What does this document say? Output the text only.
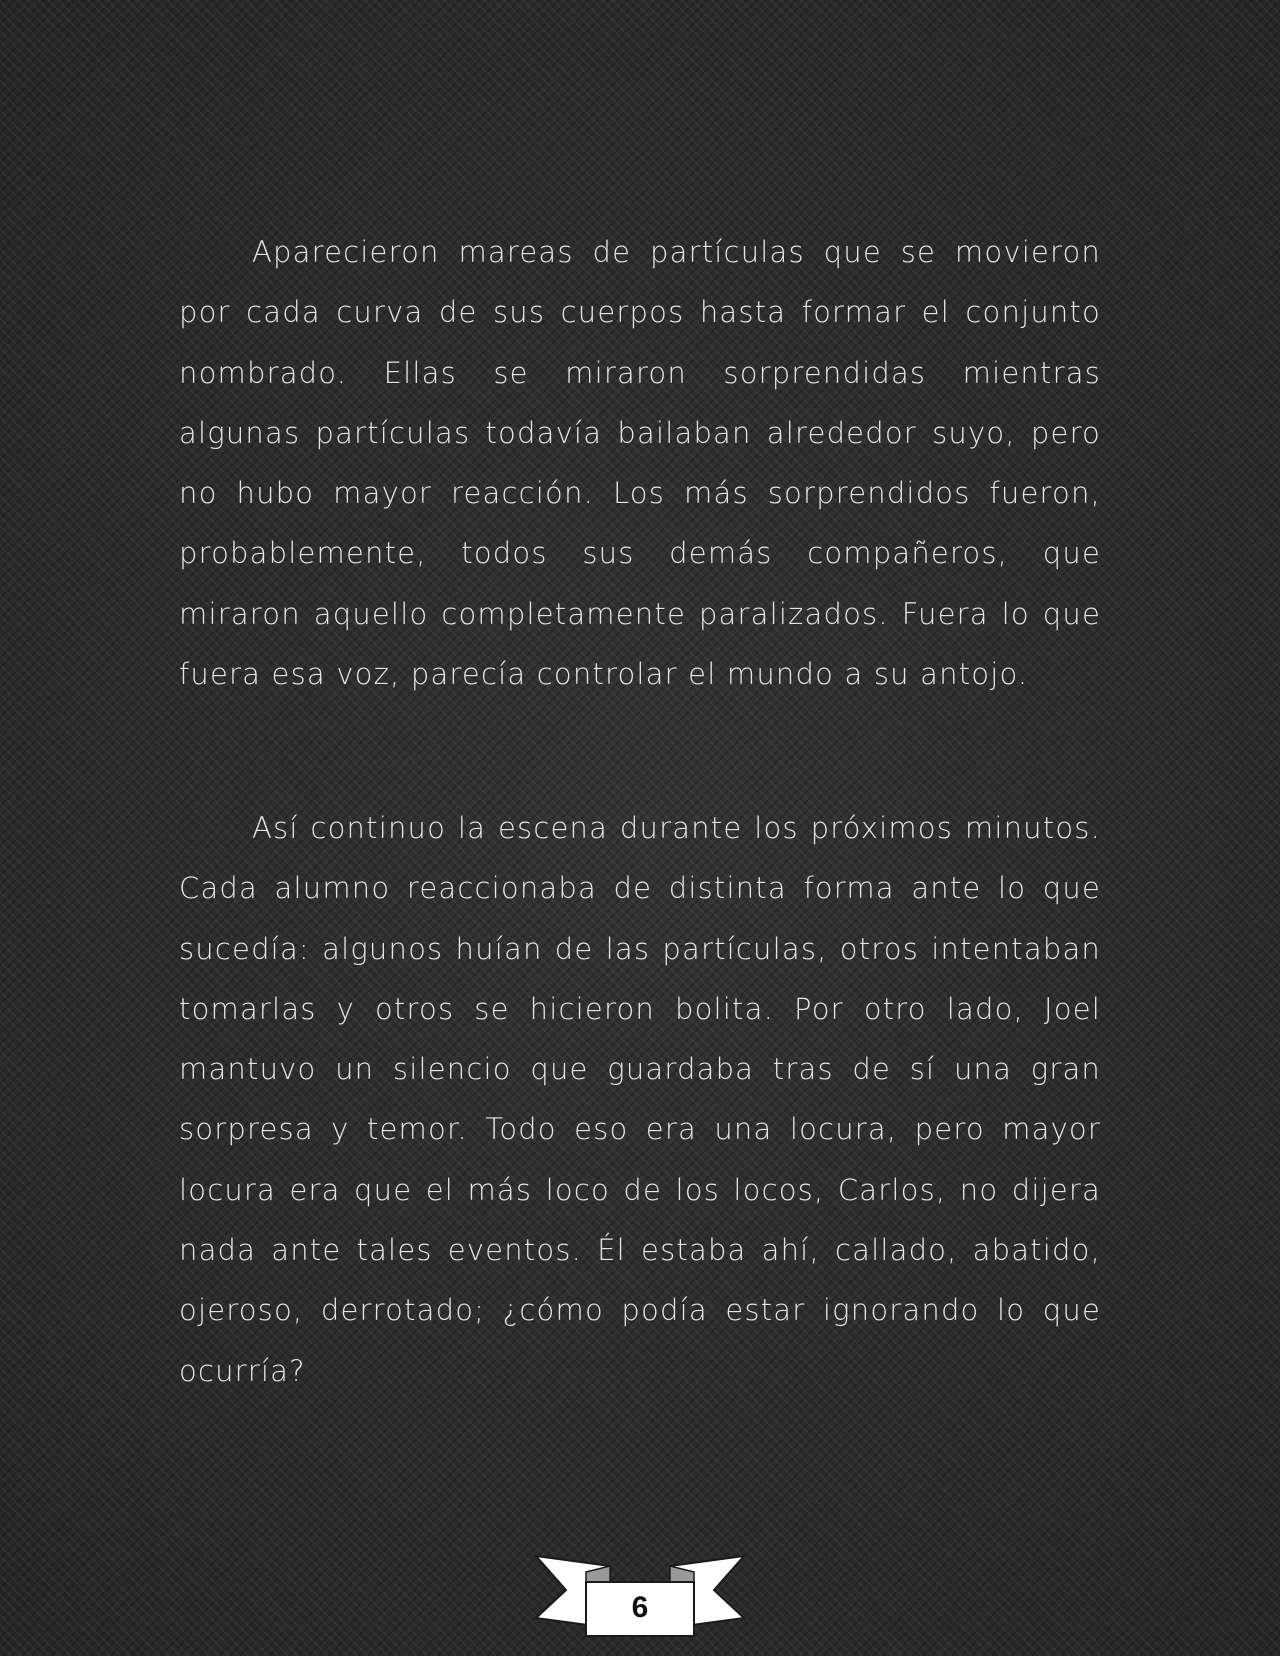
Aparecieron mareas de partículas que se movieron por cada curva de sus cuerpos hasta formar el conjunto nombrado. Ellas se miraron sorprendidas mientras algunas partículas todavía bailaban alrededor suyo, pero no hubo mayor reacción. Los más sorprendidos fueron, probablemente, todos sus demás compañeros, que miraron aquello completamente paralizados. Fuera lo que fuera esa voz, parecía controlar el mundo a su antojo.

Así continuo la escena durante los próximos minutos. Cada alumno reaccionaba de distinta forma ante lo que sucedía: algunos huían de las partículas, otros intentaban tomarlas y otros se hicieron bolita. Por otro lado, Joel mantuvo un silencio que guardaba tras de sí una gran sorpresa y temor. Todo eso era una locura, pero mayor locura era que el más loco de los locos, Carlos, no dijera nada ante tales eventos. Él estaba ahí, callado, abatido, ojeroso, derrotado; ¿cómo podía estar ignorando lo que ocurría?

6
